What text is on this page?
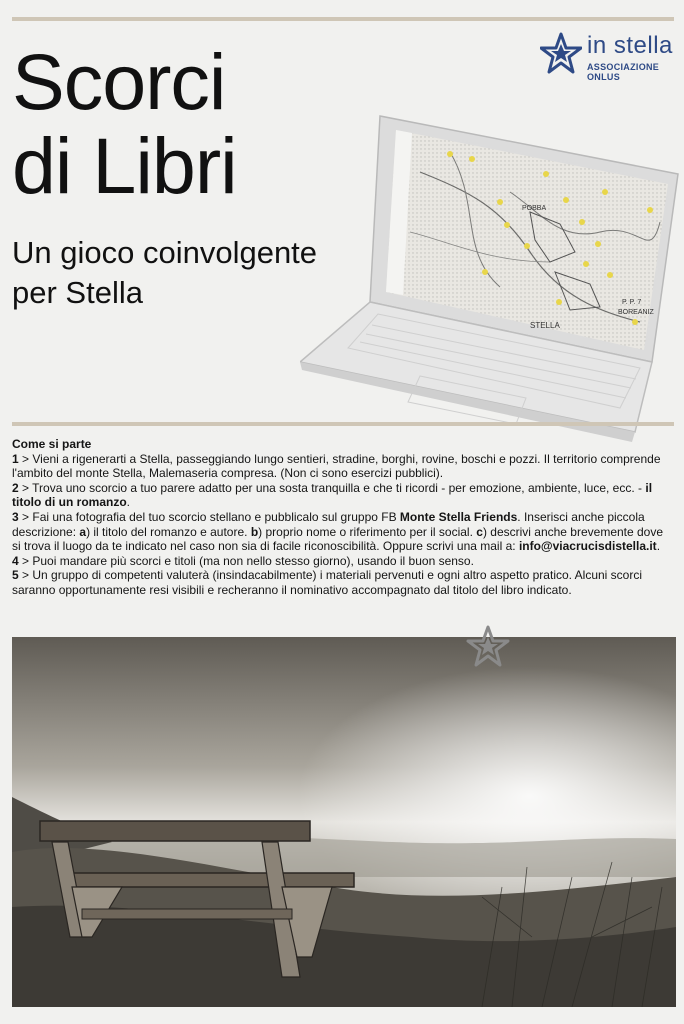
in stella
ASSOCIAZIONE ONLUS
Scorci
di Libri
Un gioco coinvolgente
per Stella
POBBA
STELLA
P. P. 7
BOREANIZ

Come si parte

1 > Vieni a rigenerarti a Stella, passeggiando lungo sentieri, stradine, borghi, rovine, boschi e pozzi. Il territorio comprende l'ambito del monte Stella, Malemaseria compresa. (Non ci sono esercizi pubblici).

2 > Trova uno scorcio a tuo parere adatto per una sosta tranquilla e che ti ricordi - per emozione, ambiente, luce, ecc. - il titolo di un romanzo.

3 > Fai una fotografia del tuo scorcio stellano e pubblicalo sul gruppo FB Monte Stella Friends. Inserisci anche piccola descrizione: a) il titolo del romanzo e autore. b) proprio nome o riferimento per il social. c) descrivi anche brevemente dove si trova il luogo da te indicato nel caso non sia di facile riconoscibilità. Oppure scrivi una mail a: info@viacrucisdistella.it.

4 > Puoi mandare più scorci e titoli (ma non nello stesso giorno), usando il buon senso.

5 > Un gruppo di competenti valuterà (insindacabilmente) i materiali pervenuti e ogni altro aspetto pratico. Alcuni scorci saranno opportunamente resi visibili e recheranno il nominativo accompagnato dal titolo del libro indicato.
